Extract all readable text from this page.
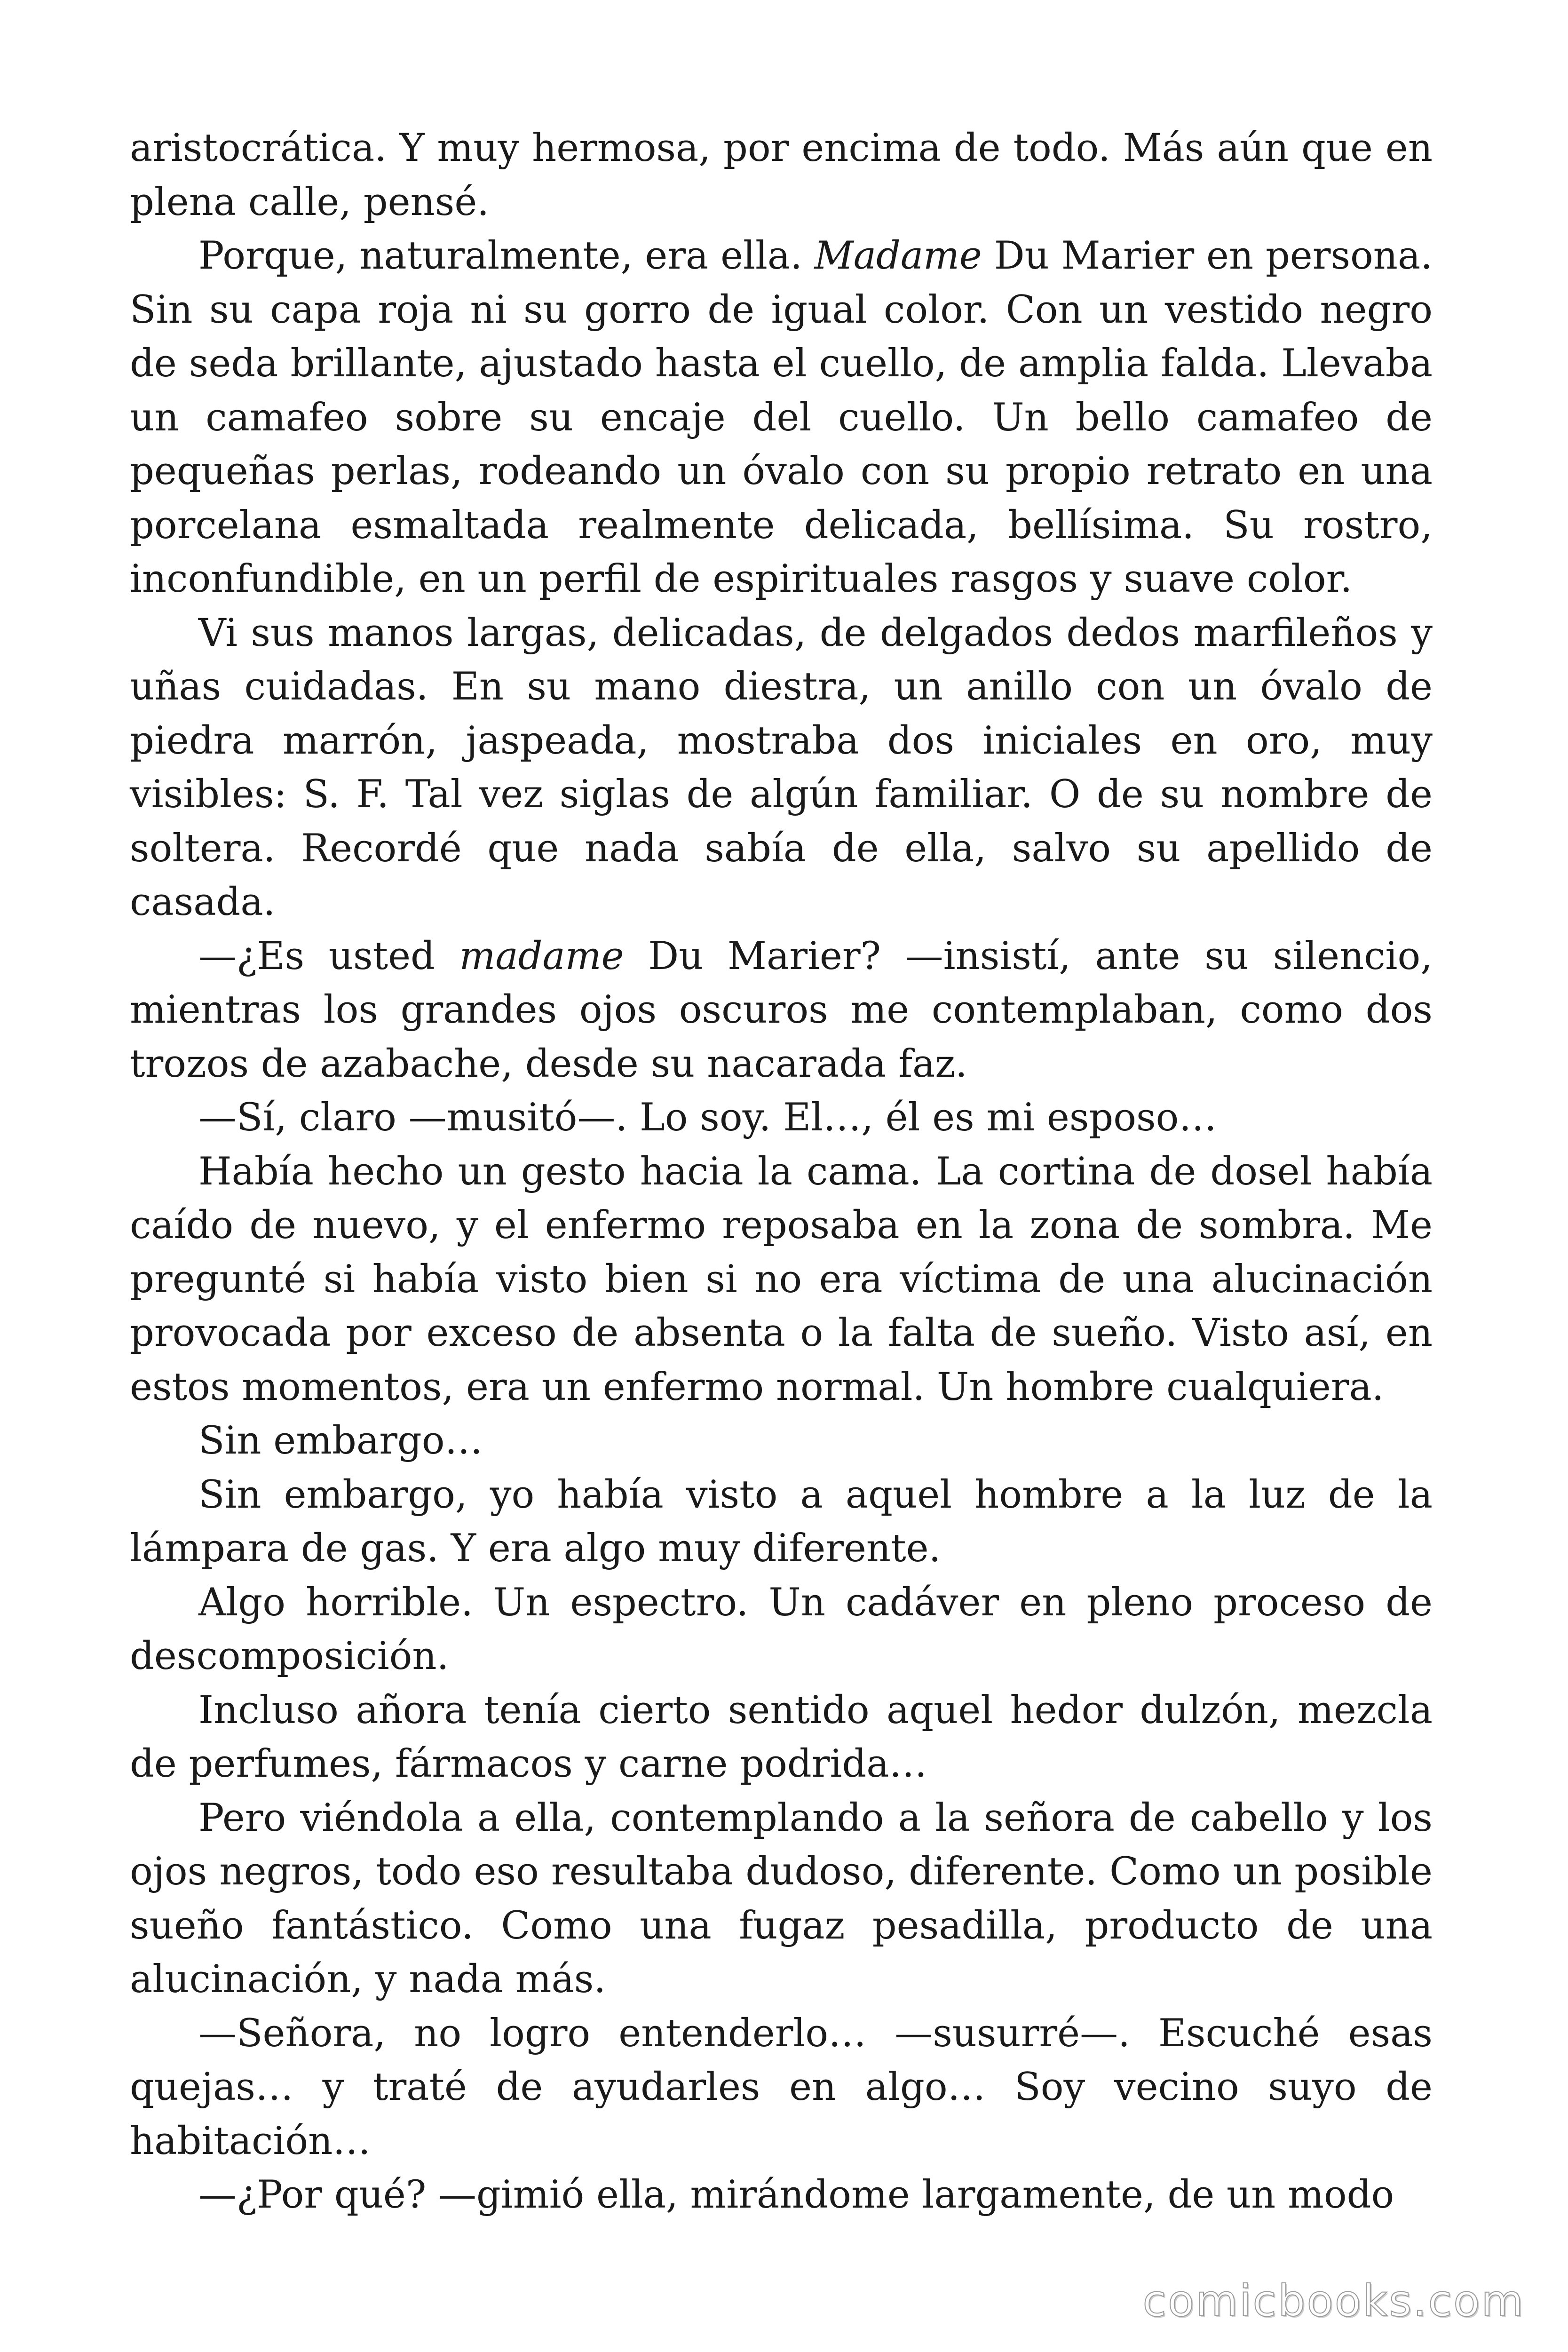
aristocrática. Y muy hermosa, por encima de todo. Más aún que en plena calle, pensé.

Porque, naturalmente, era ella. Madame Du Marier en persona. Sin su capa roja ni su gorro de igual color. Con un vestido negro de seda brillante, ajustado hasta el cuello, de amplia falda. Llevaba un camafeo sobre su encaje del cuello. Un bello camafeo de pequeñas perlas, rodeando un óvalo con su propio retrato en una porcelana esmaltada realmente delicada, bellísima. Su rostro, inconfundible, en un perfil de espirituales rasgos y suave color.

Vi sus manos largas, delicadas, de delgados dedos marfileños y uñas cuidadas. En su mano diestra, un anillo con un óvalo de piedra marrón, jaspeada, mostraba dos iniciales en oro, muy visibles: S. F. Tal vez siglas de algún familiar. O de su nombre de soltera. Recordé que nada sabía de ella, salvo su apellido de casada.

—¿Es usted madame Du Marier? —insistí, ante su silencio, mientras los grandes ojos oscuros me contemplaban, como dos trozos de azabache, desde su nacarada faz.

—Sí, claro —musitó—. Lo soy. El…, él es mi esposo…

Había hecho un gesto hacia la cama. La cortina de dosel había caído de nuevo, y el enfermo reposaba en la zona de sombra. Me pregunté si había visto bien si no era víctima de una alucinación provocada por exceso de absenta o la falta de sueño. Visto así, en estos momentos, era un enfermo normal. Un hombre cualquiera.

Sin embargo…

Sin embargo, yo había visto a aquel hombre a la luz de la lámpara de gas. Y era algo muy diferente.

Algo horrible. Un espectro. Un cadáver en pleno proceso de descomposición.

Incluso añora tenía cierto sentido aquel hedor dulzón, mezcla de perfumes, fármacos y carne podrida…

Pero viéndola a ella, contemplando a la señora de cabello y los ojos negros, todo eso resultaba dudoso, diferente. Como un posible sueño fantástico. Como una fugaz pesadilla, producto de una alucinación, y nada más.

—Señora, no logro entenderlo… —susurré—. Escuché esas quejas… y traté de ayudarles en algo… Soy vecino suyo de habitación…

—¿Por qué? —gimió ella, mirándome largamente, de un modo

comicbooks.com
